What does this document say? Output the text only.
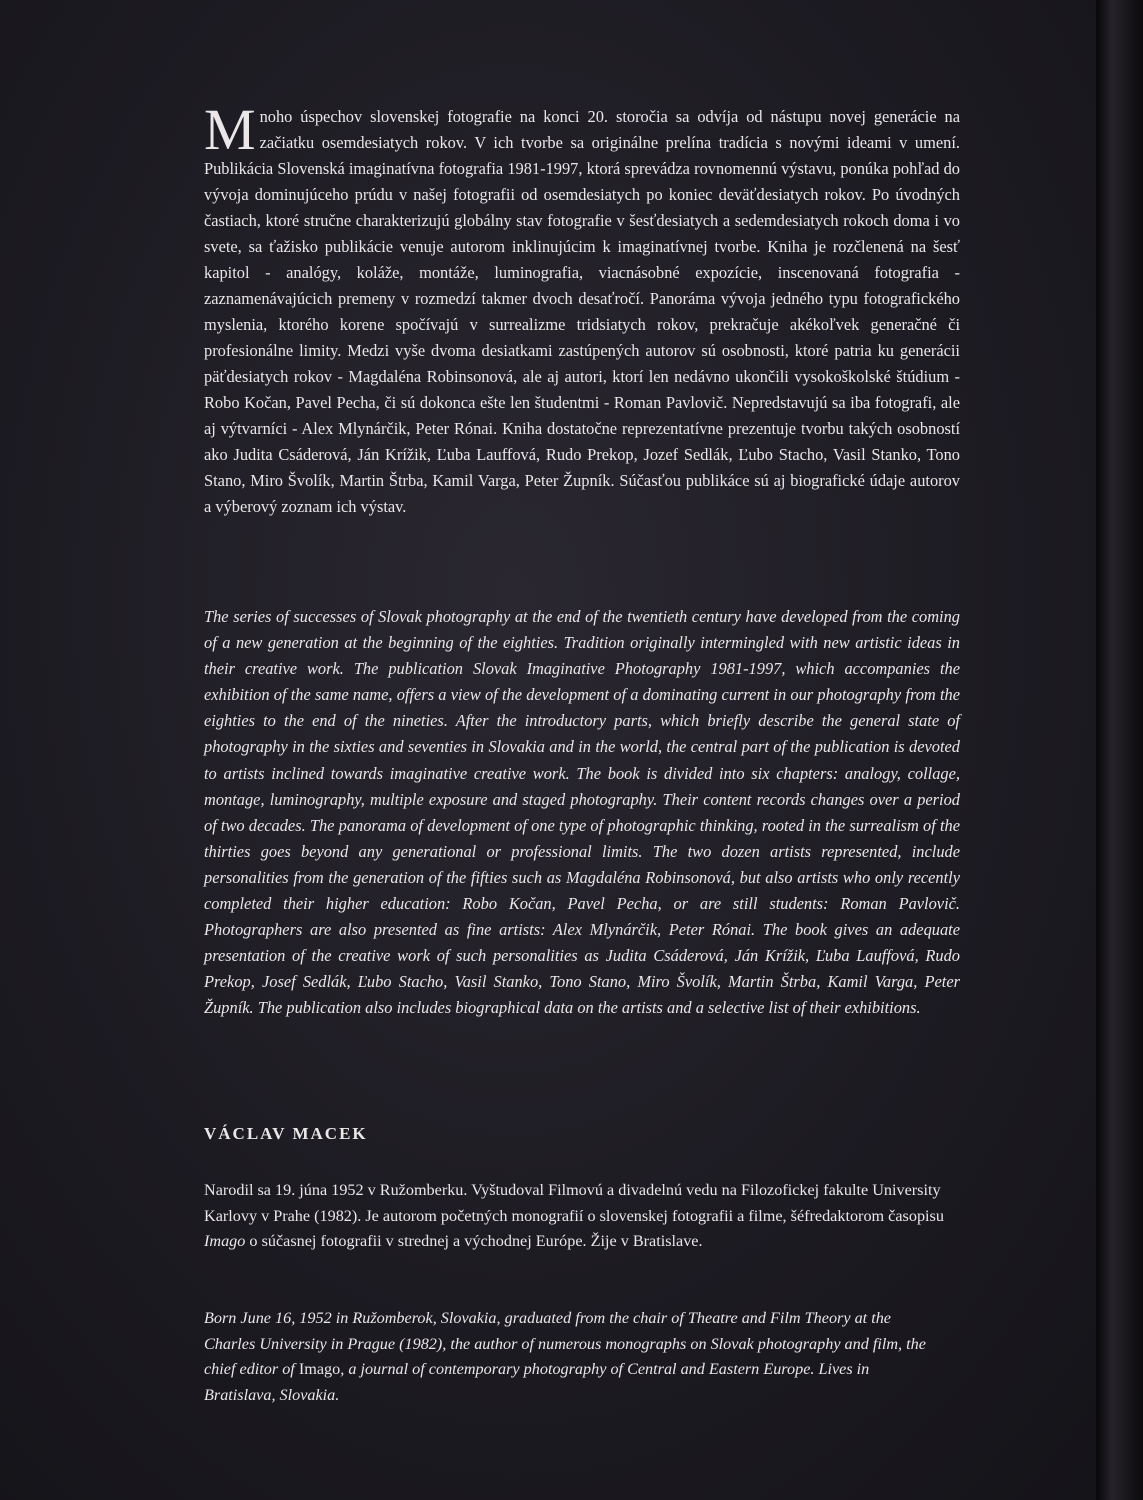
Mnoho úspechov slovenskej fotografie na konci 20. storočia sa odvíja od nástupu novej generácie na začiatku osemdesiatych rokov. V ich tvorbe sa originálne prelína tradícia s novými ideami v umení. Publikácia Slovenská imaginatívna fotografia 1981-1997, ktorá sprevádza rovnomennú výstavu, ponúka pohľad do vývoja dominujúceho prúdu v našej fotografii od osemdesiatych po koniec deväťdesiatych rokov. Po úvodných častiach, ktoré stručne charakterizujú globálny stav fotografie v šesťdesiatych a sedemdesiatych rokoch doma i vo svete, sa ťažisko publikácie venuje autorom inklinujúcim k imaginatívnej tvorbe. Kniha je rozčlenená na šesť kapitol - analógy, koláže, montáže, luminografia, viacnásobné expozície, inscenovaná fotografia - zaznamenávajúcich premeny v rozmedzí takmer dvoch desaťročí. Panoráma vývoja jedného typu fotografického myslenia, ktorého korene spočívajú v surrealizme tridsiatych rokov, prekračuje akékoľvek generačné či profesionálne limity. Medzi vyše dvoma desiatkami zastúpených autorov sú osobnosti, ktoré patria ku generácii päťdesiatych rokov - Magdaléna Robinsonová, ale aj autori, ktorí len nedávno ukončili vysokoškolské štúdium - Robo Kočan, Pavel Pecha, či sú dokonca ešte len študentmi - Roman Pavlovič. Nepredstavujú sa iba fotografi, ale aj výtvarníci - Alex Mlynárčik, Peter Rónai. Kniha dostatočne reprezentatívne prezentuje tvorbu takých osobností ako Judita Csáderová, Ján Krížik, Ľuba Lauffová, Rudo Prekop, Jozef Sedlák, Ľubo Stacho, Vasil Stanko, Tono Stano, Miro Švolík, Martin Štrba, Kamil Varga, Peter Župník. Súčasťou publikáce sú aj biografické údaje autorov a výberový zoznam ich výstav.
The series of successes of Slovak photography at the end of the twentieth century have developed from the coming of a new generation at the beginning of the eighties. Tradition originally intermingled with new artistic ideas in their creative work. The publication Slovak Imaginative Photography 1981-1997, which accompanies the exhibition of the same name, offers a view of the development of a dominating current in our photography from the eighties to the end of the nineties. After the introductory parts, which briefly describe the general state of photography in the sixties and seventies in Slovakia and in the world, the central part of the publication is devoted to artists inclined towards imaginative creative work. The book is divided into six chapters: analogy, collage, montage, luminography, multiple exposure and staged photography. Their content records changes over a period of two decades. The panorama of development of one type of photographic thinking, rooted in the surrealism of the thirties goes beyond any generational or professional limits. The two dozen artists represented, include personalities from the generation of the fifties such as Magdaléna Robinsonová, but also artists who only recently completed their higher education: Robo Kočan, Pavel Pecha, or are still students: Roman Pavlovič. Photographers are also presented as fine artists: Alex Mlynárčik, Peter Rónai. The book gives an adequate presentation of the creative work of such personalities as Judita Csáderová, Ján Krížik, Ľuba Lauffová, Rudo Prekop, Josef Sedlák, Ľubo Stacho, Vasil Stanko, Tono Stano, Miro Švolík, Martin Štrba, Kamil Varga, Peter Župník. The publication also includes biographical data on the artists and a selective list of their exhibitions.
VÁCLAV MACEK
Narodil sa 19. júna 1952 v Ružomberku. Vyštudoval Filmovú a divadelnú vedu na Filozofickej fakulte University Karlovy v Prahe (1982). Je autorom početných monografií o slovenskej fotografii a filme, šéfredaktorom časopisu Imago o súčasnej fotografii v strednej a východnej Európe. Žije v Bratislave.
Born June 16, 1952 in Ružomberok, Slovakia, graduated from the chair of Theatre and Film Theory at the Charles University in Prague (1982), the author of numerous monographs on Slovak photography and film, the chief editor of Imago, a journal of contemporary photography of Central and Eastern Europe. Lives in Bratislava, Slovakia.
